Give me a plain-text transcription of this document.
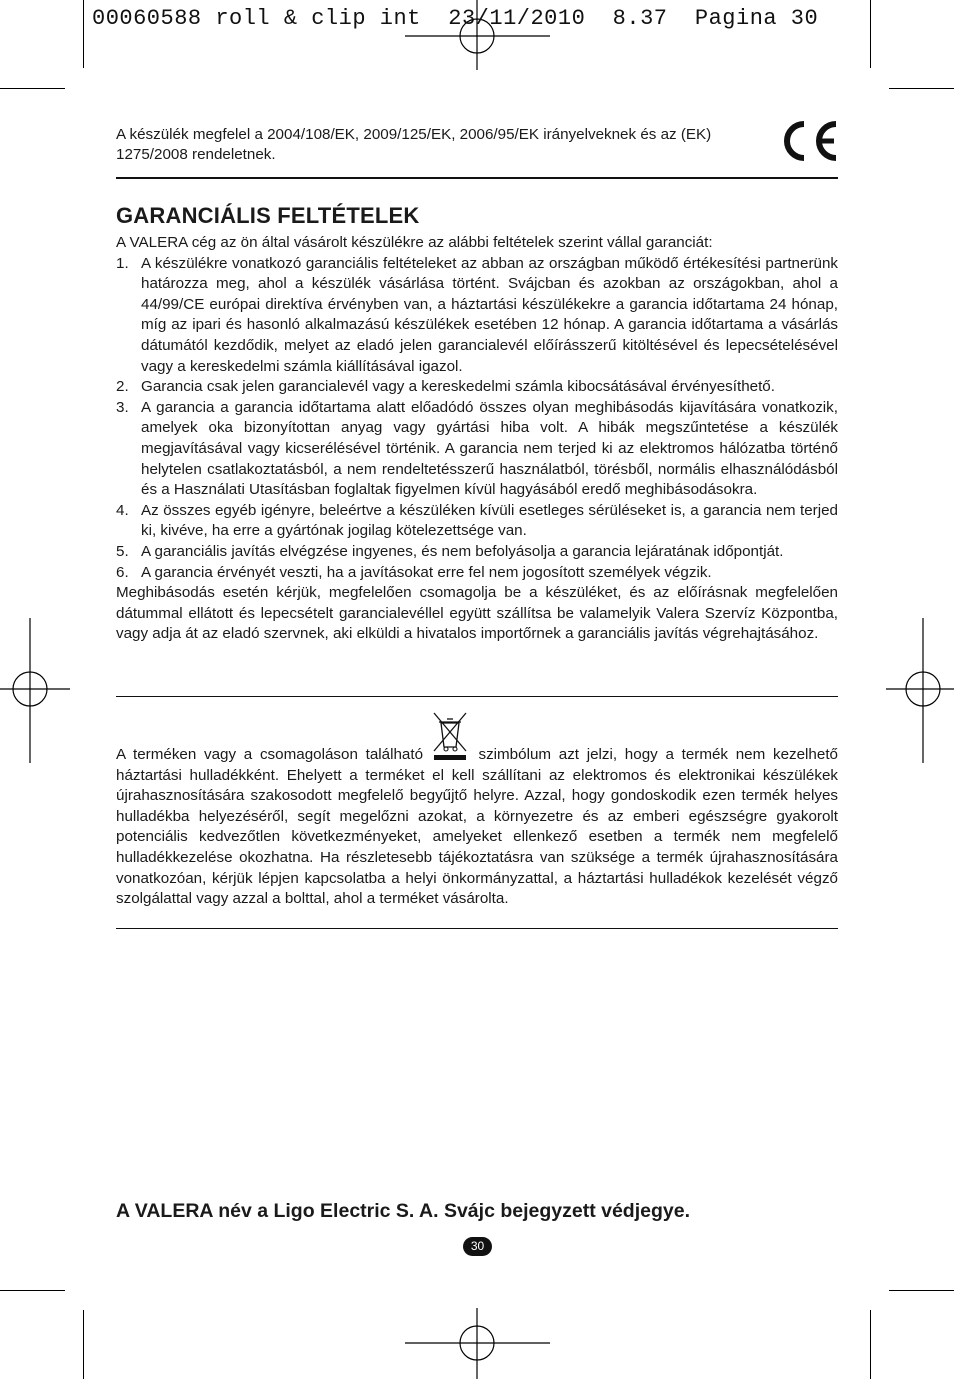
00060588 roll & clip int  23/11/2010  8.37  Pagina 30
A készülék megfelel a 2004/108/EK, 2009/125/EK, 2006/95/EK irányelveknek és az (EK) 1275/2008 rendeletnek.
GARANCIÁLIS FELTÉTELEK

A VALERA cég az ön által vásárolt készülékre az alábbi feltételek szerint vállal garanciát:

1. A készülékre vonatkozó garanciális feltételeket az abban az országban működő értékesítési partnerünk határozza meg, ahol a készülék vásárlása történt. Svájcban és azokban az országokban, ahol a 44/99/CE európai direktíva érvényben van, a háztartási készülékekre a garancia időtartama 24 hónap, míg az ipari és hasonló alkalmazású készülékek esetében 12 hónap. A garancia időtartama a vásárlás dátumától kezdődik, melyet az eladó jelen garancialevél előírásszerű kitöltésével és lepecsételésével vagy a kereskedelmi számla kiállításával igazol.
2. Garancia csak jelen garancialevél vagy a kereskedelmi számla kibocsátásával érvényesíthető.
3. A garancia a garancia időtartama alatt előadódó összes olyan meghibásodás kijavítására vonatkozik, amelyek oka bizonyítottan anyag vagy gyártási hiba volt. A hibák megszűntetése a készülék megjavításával vagy kicserélésével történik. A garancia nem terjed ki az elektromos hálózatba történő helytelen csatlakoztatásból, a nem rendeltetésszerű használatból, törésből, normális elhasználódásból és a Használati Utasításban foglaltak figyelmen kívül hagyásából eredő meghibásodásokra.
4. Az összes egyéb igényre, beleértve a készüléken kívüli esetleges sérüléseket is, a garancia nem terjed ki, kivéve, ha erre a gyártónak jogilag kötelezettsége van.
5. A garanciális javítás elvégzése ingyenes, és nem befolyásolja a garancia lejáratának időpontját.
6. A garancia érvényét veszti, ha a javításokat erre fel nem jogosított személyek végzik.

Meghibásodás esetén kérjük, megfelelően csomagolja be a készüléket, és az előírásnak megfelelően dátummal ellátott és lepecsételt garancialevéllel együtt szállítsa be valamelyik Valera Szervíz Központba, vagy adja át az eladó szervnek, aki elküldi a hivatalos importőrnek a garanciális javítás végrehajtásához.

A terméken vagy a csomagoláson található	szimbólum azt jelzi, hogy a termék nem kezelhető háztartási hulladékként. Ehelyett a terméket el kell szállítani az elektromos és elektronikai készülékek újrahasznosítására szakosodott megfelelő begyűjtő helyre. Azzal, hogy gondoskodik ezen termék helyes hulladékba helyezéséről, segít megelőzni azokat, a környezetre és az emberi egészségre gyakorolt potenciális kedvezőtlen következményeket, amelyeket ellenkező esetben a termék nem megfelelő hulladékkezelése okozhatna. Ha részletesebb tájékoztatásra van szüksége a termék újrahasznosítására vonatkozóan, kérjük lépjen kapcsolatba a helyi önkormányzattal, a háztartási hulladékok kezelését végző szolgálattal vagy azzal a bolttal, ahol a terméket vásárolta.

A VALERA név a Ligo Electric S. A. Svájc bejegyzett védjegye.
30
